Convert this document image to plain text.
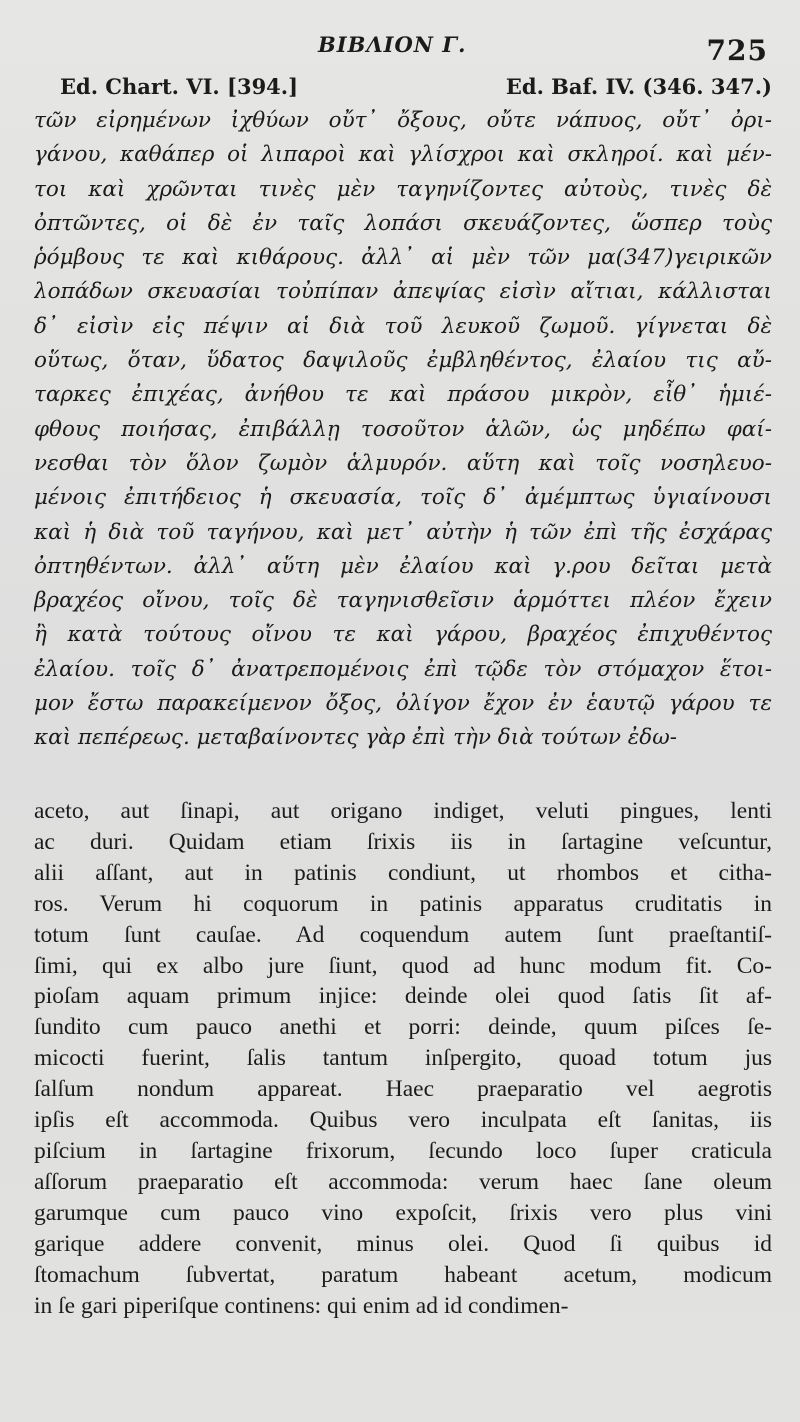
ΒΙΒΛΙΟΝ Γ.	725
Ed. Chart. VI. [394.]	Ed. Baf. IV. (346. 347.)
τῶν εἰρημένων ἰχθύων οὔτ᾽ ὄξους, οὔτε νάπυος, οὔτ᾽ ὀρι-
γάνου, καθάπερ οἱ λιπαροὶ καὶ γλίσχροι καὶ σκληροί. καὶ μέν-
τοι καὶ χρῶνται τινὲς μὲν ταγηνίζοντες αὐτοὺς, τινὲς δὲ
ὀπτῶντες, οἱ δὲ ἐν ταῖς λοπάσι σκευάζοντες, ὥσπερ τοὺς
ῥόμβους τε καὶ κιθάρους. ἀλλ᾽ αἱ μὲν τῶν μα(347)γειρικῶν
λοπάδων σκευασίαι τοὐπίπαν ἀπεψίας εἰσὶν αἴτιαι, κάλλισται
δ᾽ εἰσὶν εἰς πέψιν αἱ διὰ τοῦ λευκοῦ ζωμοῦ. γίγνεται δὲ
οὕτως, ὅταν, ὕδατος δαψιλοῦς ἐμβληθέντος, ἐλαίου τις αὔ-
ταρκες ἐπιχέας, ἀνήθου τε καὶ πράσου μικρὸν, εἶθ᾽ ἡμιέ-
φθους ποιήσας, ἐπιβάλλῃ τοσοῦτον ἁλῶν, ὡς μηδέπω φαί-
νεσθαι τὸν ὅλον ζωμὸν ἁλμυρόν. αὕτη καὶ τοῖς νοσηλευο-
μένοις ἐπιτήδειος ἡ σκευασία, τοῖς δ᾽ ἀμέμπτως ὑγιαίνουσι
καὶ ἡ διὰ τοῦ ταγήνου, καὶ μετ᾽ αὐτὴν ἡ τῶν ἐπὶ τῆς ἐσχάρας
ὀπτηθέντων. ἀλλ᾽ αὕτη μὲν ἐλαίου καὶ γ.ρου δεῖται μετὰ
βραχέος οἴνου, τοῖς δὲ ταγηνισθεῖσιν ἁρμόττει πλέον ἔχειν
ἢ κατὰ τούτους οἴνου τε καὶ γάρου, βραχέος ἐπιχυθέντος
ἐλαίου. τοῖς δ᾽ ἀνατρεπομένοις ἐπὶ τῷδε τὸν στόμαχον ἕτοι-
μον ἔστω παρακείμενον ὄξος, ὀλίγον ἔχον ἐν ἑαυτῷ γάρου τε
καὶ πεπέρεως. μεταβαίνοντες γὰρ ἐπὶ τὴν διὰ τούτων ἐδω-
aceto, aut ſinapi, aut origano indiget, veluti pingues, lenti
ac duri. Quidam etiam ſrixis iis in ſartagine veſcuntur,
alii aſſant, aut in patinis condiunt, ut rhombos et citha-
ros. Verum hi coquorum in patinis apparatus cruditatis in
totum ſunt cauſae. Ad coquendum autem ſunt praeſtantiſ-
ſimi, qui ex albo jure ſiunt, quod ad hunc modum fit. Co-
pioſam aquam primum injice: deinde olei quod ſatis ſit af-
ſundito cum pauco anethi et porri: deinde, quum piſces ſe-
micocti fuerint, ſalis tantum inſpergito, quoad totum jus
ſalſum nondum appareat. Haec praeparatio vel aegrotis
ipſis eſt accommoda. Quibus vero inculpata eſt ſanitas, iis
piſcium in ſartagine frixorum, ſecundo loco ſuper craticula
aſſorum praeparatio eſt accommoda: verum haec ſane oleum
garumque cum pauco vino expoſcit, ſrixis vero plus vini
garique addere convenit, minus olei. Quod ſi quibus id
ſtomachum ſubvertat, paratum habeant acetum, modicum
in ſe gari piperiſque continens: qui enim ad id condimen-
